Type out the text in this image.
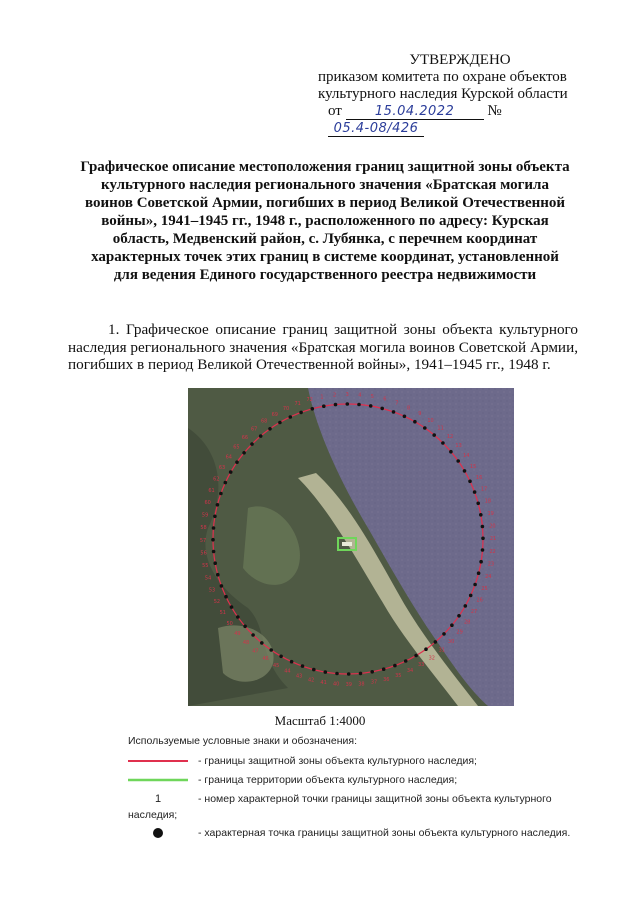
УТВЕРЖДЕНО
приказом комитета по охране объектов
культурного наследия Курской области
от	15.04.2022 № 05.4-08/426
Графическое описание местоположения границ защитной зоны объекта культурного наследия регионального значения «Братская могила воинов Советской Армии, погибших в период Великой Отечественной войны», 1941–1945 гг., 1948 г., расположенного по адресу: Курская область, Медвенский район, с. Лубянка, с перечнем координат характерных точек этих границ в системе координат, установленной для ведения Единого государственного реестра недвижимости
1. Графическое описание границ защитной зоны объекта культурного наследия регионального значения «Братская могила воинов Советской Армии, погибших в период Великой Отечественной войны», 1941–1945 гг., 1948 г.
1 2 3 4 5 6
7
8
9
10
11
12
13
14
15
16
17
18
19
20
21
22
23
24
25
26
27
28
29
30
31
32
33
34
35
36
37
38
39
40
41
42
43
44
45
46
47
48
49
50
51
52
53
54
55
56
57
58
59
60
61
62
63
64
65
66
67
68
69
70
71
72
Масштаб 1:4000
Используемые условные знаки и обозначения:
- границы защитной зоны объекта культурного наследия;
- граница территории объекта культурного наследия;
1	- номер характерной точки границы защитной зоны объекта культурного
наследия;
- характерная точка границы защитной зоны объекта культурного наследия.
